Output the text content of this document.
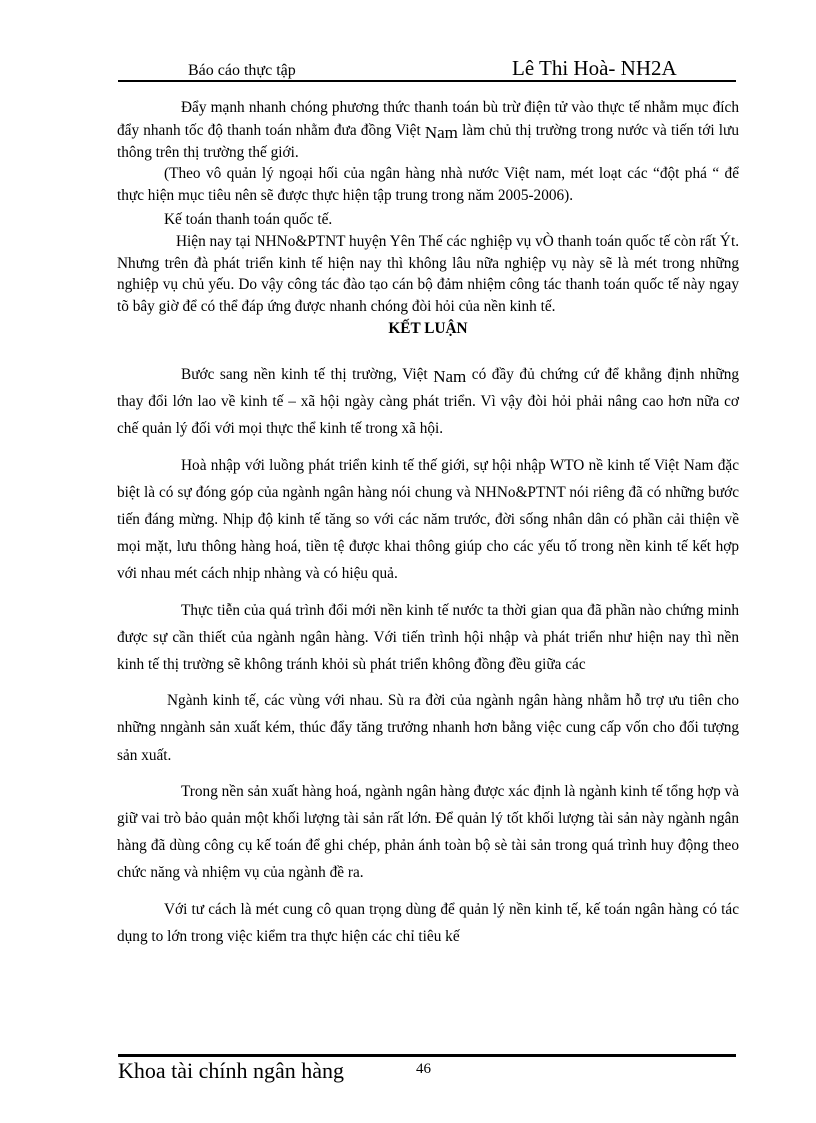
Báo cáo thực tập	Lê Thi Hoà- NH2A

Đẩy mạnh nhanh chóng phương thức thanh toán bù trừ điện tử vào thực tế nhằm mục đích đẩy nhanh tốc độ thanh toán nhằm đưa đồng Việt Nam làm chủ thị trường trong nước và tiến tới lưu thông trên thị trường thế giới.

(Theo vô quản lý ngoại hối của ngân hàng nhà nước Việt nam, mét loạt các “đột phá “ để thực hiện mục tiêu nên sẽ được thực hiện tập trung trong năm 2005-2006).

Kế toán thanh toán quốc tế.

Hiện nay tại NHNo&PTNT huyện Yên Thế các nghiệp vụ vÒ thanh toán quốc tế còn rất Ýt. Nhưng trên đà phát triển kinh tế hiện nay thì không lâu nữa nghiệp vụ này sẽ là mét trong những nghiệp vụ chủ yếu. Do vậy công tác đào tạo cán bộ đảm nhiệm công tác thanh toán quốc tế này ngay tõ bây giờ để có thể đáp ứng được nhanh chóng đòi hỏi của nền kinh tế.

KẾT LUẬN

Bước sang nền kinh tế thị trường, Việt Nam có đầy đủ chứng cứ để khẳng định những thay đổi lớn lao về kinh tế – xã hội ngày càng phát triển. Vì vậy đòi hỏi phải nâng cao hơn nữa cơ chế quản lý đối với mọi thực thể kinh tế trong xã hội.

Hoà nhập với luồng phát triển kinh tế thế giới, sự hội nhập WTO nề kinh tế Việt Nam đặc biệt là có sự đóng góp của ngành ngân hàng nói chung và NHNo&PTNT nói riêng đã có những bước tiến đáng mừng. Nhịp độ kinh tế tăng so với các năm trước, đời sống nhân dân có phần cải thiện về mọi mặt, lưu thông hàng hoá, tiền tệ được khai thông giúp cho các yếu tố trong nền kinh tế kết hợp với nhau mét cách nhịp nhàng và có hiệu quả.

Thực tiễn của quá trình đổi mới nền kinh tế nước ta thời gian qua đã phần nào chứng minh được sự cần thiết của ngành ngân hàng. Với tiến trình hội nhập và phát triển như hiện nay thì nền kinh tế thị trường sẽ không tránh khỏi sù phát triển không đồng đều giữa các

Ngành kinh tế, các vùng với nhau. Sù ra đời của ngành ngân hàng nhằm hỗ trợ ưu tiên cho những nngành sản xuất kém, thúc đẩy tăng trưởng nhanh hơn bằng việc cung cấp vốn cho đối tượng sản xuất.

Trong nền sản xuất hàng hoá, ngành ngân hàng được xác định là ngành kinh tế tổng hợp và giữ vai trò bảo quản một khối lượng tài sản rất lớn. Để quản lý tốt khối lượng tài sản này ngành ngân hàng đã dùng công cụ kế toán để ghi chép, phản ánh toàn bộ sè tài sản trong quá trình huy động theo chức năng và nhiệm vụ của ngành đề ra.

Với tư cách là mét cung cô quan trọng dùng để quản lý nền kinh tế, kế toán ngân hàng có tác dụng to lớn trong việc kiểm tra thực hiện các chỉ tiêu kế

Khoa tài chính ngân hàng	46
